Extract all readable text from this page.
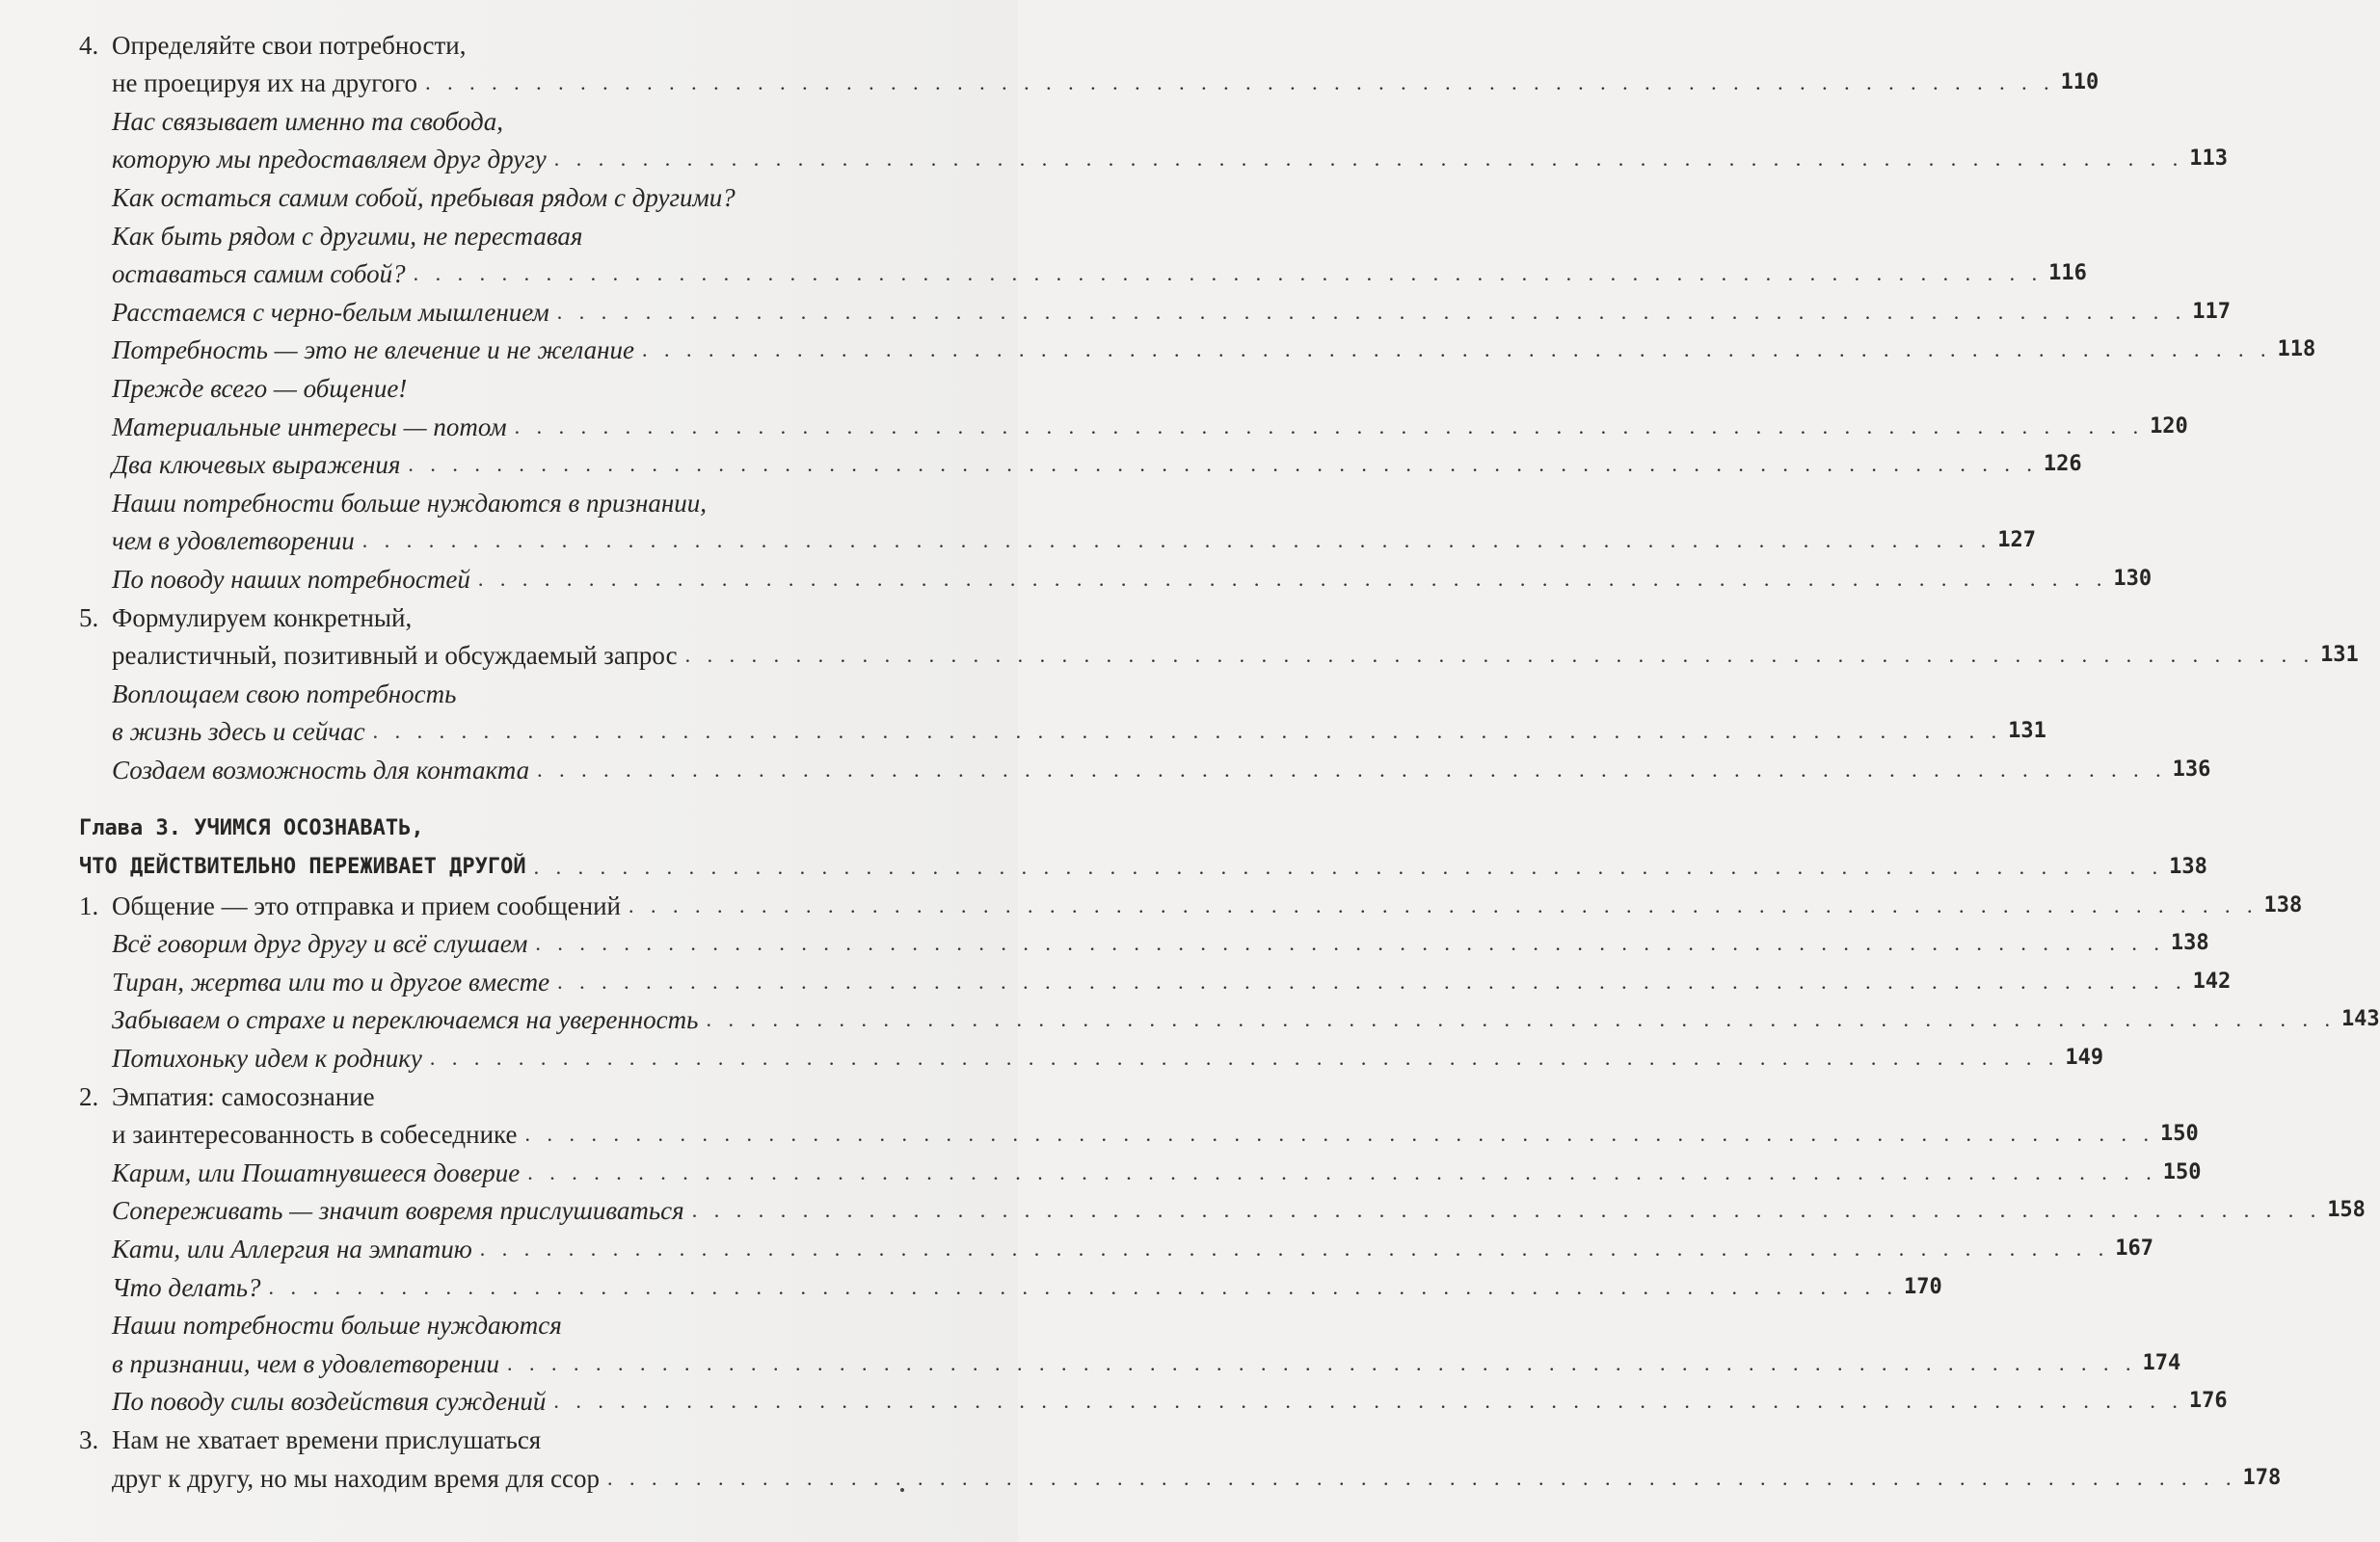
4. Определяйте свои потребности,
не проецируя их на другого . . . . . . . . . . . . . . . . . . . . . . . . . . . . . . . . . . . . . . . . . . . . . . . . . . . . . . . . . . . . . . . . . . . . . . . . . . 110
Нас связывает именно та свобода,
которую мы предоставляем друг другу . . . . . . . . . . . . . . . . . . . . . . . . . . . . . . . . . . . . . . . . . . . . . . . . . . . . . . . . . . . . . . . . . . . . . . . . . . 113
Как остаться самим собой, пребывая рядом с другими?
Как быть рядом с другими, не переставая
оставаться самим собой? . . . . . . . . . . . . . . . . . . . . . . . . . . . . . . . . . . . . . . . . . . . . . . . . . . . . . . . . . . . . . . . . . . . . . . . . . . 116
Расстаемся с черно-белым мышлением . . . . . . . . . . . . . . . . . . . . . . . . . . . . . . . . . . . . . . . . . . . . . . . . . . . . . . . . . . . . . . . . . . . . . . . . . . 117
Потребность — это не влечение и не желание . . . . . . . . . . . . . . . . . . . . . . . . . . . . . . . . . . . . . . . . . . . . . . . . . . . . . . . . . . . . . . . . . . . . . . . . . . 118
Прежде всего — общение!
Материальные интересы — потом . . . . . . . . . . . . . . . . . . . . . . . . . . . . . . . . . . . . . . . . . . . . . . . . . . . . . . . . . . . . . . . . . . . . . . . . . . 120
Два ключевых выражения . . . . . . . . . . . . . . . . . . . . . . . . . . . . . . . . . . . . . . . . . . . . . . . . . . . . . . . . . . . . . . . . . . . . . . . . . . 126
Наши потребности больше нуждаются в признании,
чем в удовлетворении . . . . . . . . . . . . . . . . . . . . . . . . . . . . . . . . . . . . . . . . . . . . . . . . . . . . . . . . . . . . . . . . . . . . . . . . . . 127
По поводу наших потребностей . . . . . . . . . . . . . . . . . . . . . . . . . . . . . . . . . . . . . . . . . . . . . . . . . . . . . . . . . . . . . . . . . . . . . . . . . . 130
5. Формулируем конкретный,
реалистичный, позитивный и обсуждаемый запрос . . . . . . . . . . . . . . . . . . . . . . . . . . . . . . . . . . . . . . . . . . . . . . . . . . . . . . . . . . . . . . . . . . . . . . . . . . 131
Воплощаем свою потребность
в жизнь здесь и сейчас . . . . . . . . . . . . . . . . . . . . . . . . . . . . . . . . . . . . . . . . . . . . . . . . . . . . . . . . . . . . . . . . . . . . . . . . . . 131
Создаем возможность для контакта . . . . . . . . . . . . . . . . . . . . . . . . . . . . . . . . . . . . . . . . . . . . . . . . . . . . . . . . . . . . . . . . . . . . . . . . . . 136
Глава 3. УЧИМСЯ ОСОЗНАВАТЬ,
ЧТО ДЕЙСТВИТЕЛЬНО ПЕРЕЖИВАЕТ ДРУГОЙ . . . . . . . . . . . . . . . . . . . . . . . . . . . . . . . . . . . . . . . . . . . . . . . . . . . . . . . . . . . . . . . . . . . . . . . . . . 138
1. Общение — это отправка и прием сообщений . . . . . . . . . . . . . . . . . . . . . . . . . . . . . . . . . . . . . . . . . . . . . . . . . . . . . . . . . . . . . . . . . . . . . . . . . . 138
Всё говорим друг другу и всё слушаем . . . . . . . . . . . . . . . . . . . . . . . . . . . . . . . . . . . . . . . . . . . . . . . . . . . . . . . . . . . . . . . . . . . . . . . . . . 138
Тиран, жертва или то и другое вместе . . . . . . . . . . . . . . . . . . . . . . . . . . . . . . . . . . . . . . . . . . . . . . . . . . . . . . . . . . . . . . . . . . . . . . . . . . 142
Забываем о страхе и переключаемся на уверенность . . . . . . . . . . . . . . . . . . . . . . . . . . . . . . . . . . . . . . . . . . . . . . . . . . . . . . . . . . . . . . . . . . . . . . . . . . 143
Потихоньку идем к роднику . . . . . . . . . . . . . . . . . . . . . . . . . . . . . . . . . . . . . . . . . . . . . . . . . . . . . . . . . . . . . . . . . . . . . . . . . . 149
2. Эмпатия: самосознание
и заинтересованность в собеседнике . . . . . . . . . . . . . . . . . . . . . . . . . . . . . . . . . . . . . . . . . . . . . . . . . . . . . . . . . . . . . . . . . . . . . . . . . . 150
Карим, или Пошатнувшееся доверие . . . . . . . . . . . . . . . . . . . . . . . . . . . . . . . . . . . . . . . . . . . . . . . . . . . . . . . . . . . . . . . . . . . . . . . . . . 150
Сопереживать — значит вовремя прислушиваться . . . . . . . . . . . . . . . . . . . . . . . . . . . . . . . . . . . . . . . . . . . . . . . . . . . . . . . . . . . . . . . . . . . . . . . . . . 158
Кати, или Аллергия на эмпатию . . . . . . . . . . . . . . . . . . . . . . . . . . . . . . . . . . . . . . . . . . . . . . . . . . . . . . . . . . . . . . . . . . . . . . . . . . 167
Что делать? . . . . . . . . . . . . . . . . . . . . . . . . . . . . . . . . . . . . . . . . . . . . . . . . . . . . . . . . . . . . . . . . . . . . . . . . . . 170
Наши потребности больше нуждаются
в признании, чем в удовлетворении . . . . . . . . . . . . . . . . . . . . . . . . . . . . . . . . . . . . . . . . . . . . . . . . . . . . . . . . . . . . . . . . . . . . . . . . . . 174
По поводу силы воздействия суждений . . . . . . . . . . . . . . . . . . . . . . . . . . . . . . . . . . . . . . . . . . . . . . . . . . . . . . . . . . . . . . . . . . . . . . . . . . 176
3. Нам не хватает времени прислушаться
друг к другу, но мы находим время для ссор . . . . . . . . . . . . . . . . . . . . . . . . . . . . . . . . . . . . . . . . . . . . . . . . . . . . . . . . . . . . . . . . . . . . . . . . . . 178
